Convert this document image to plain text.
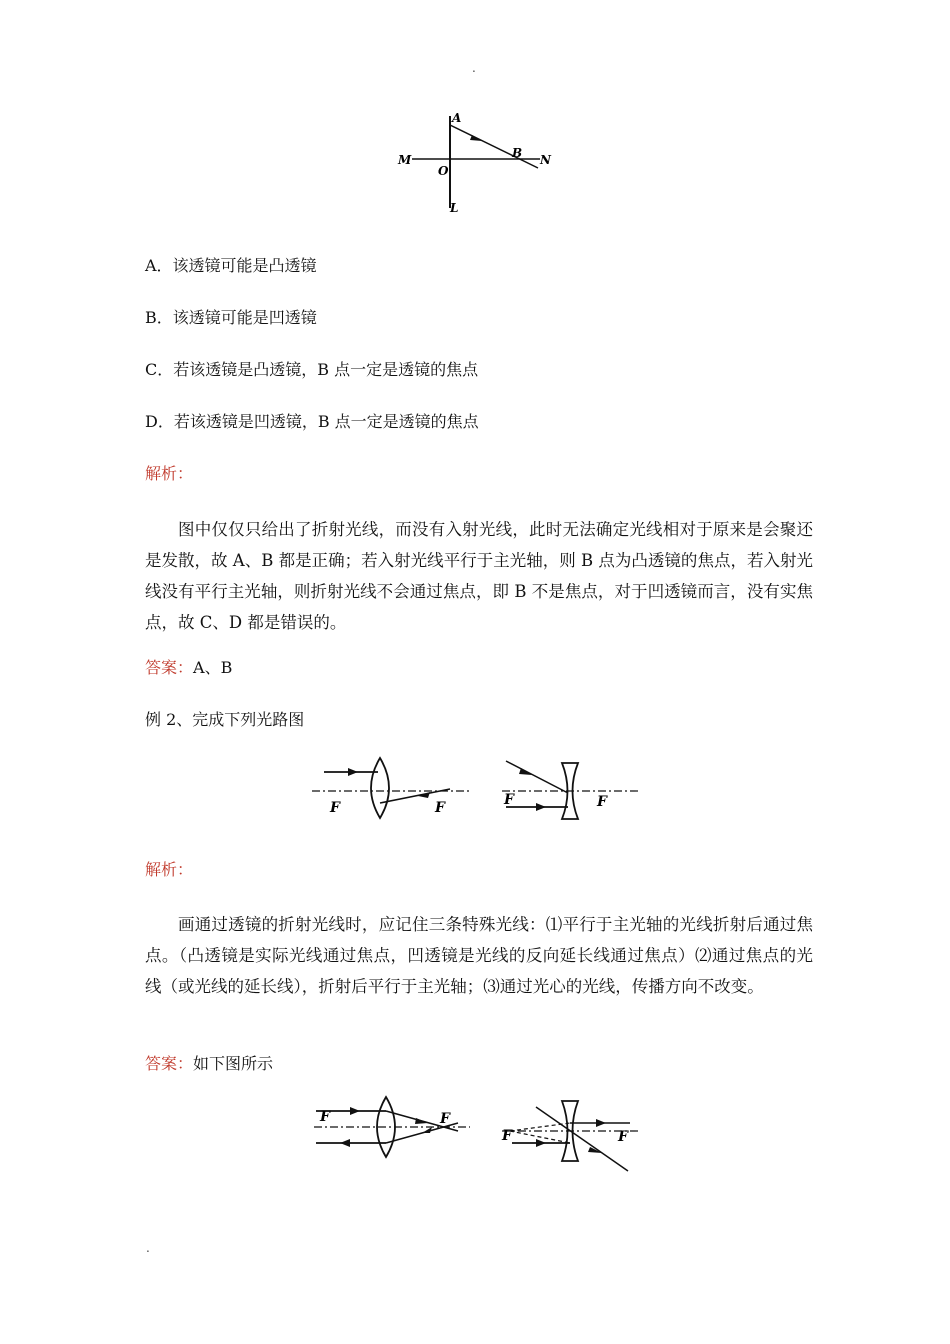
.
A
B
M	N
O
L
A．该透镜可能是凸透镜
B．该透镜可能是凹透镜
C．若该透镜是凸透镜，B 点一定是透镜的焦点
D．若该透镜是凹透镜，B 点一定是透镜的焦点
解析：
图中仅仅只给出了折射光线，而没有入射光线，此时无法确定光线相对于原来是会聚还是发散，故 A、B 都是正确；若入射光线平行于主光轴，则 B 点为凸透镜的焦点，若入射光线没有平行主光轴，则折射光线不会通过焦点，即 B 不是焦点，对于凹透镜而言，没有实焦点，故 C、D 都是错误的。
答案：A、B
例 2、完成下列光路图
F	F	F	F
解析：
画通过透镜的折射光线时，应记住三条特殊光线：⑴平行于主光轴的光线折射后通过焦点。（凸透镜是实际光线通过焦点，凹透镜是光线的反向延长线通过焦点）⑵通过焦点的光线（或光线的延长线），折射后平行于主光轴；⑶通过光心的光线，传播方向不改变。
答案：如下图所示
F	F
F	F
.
